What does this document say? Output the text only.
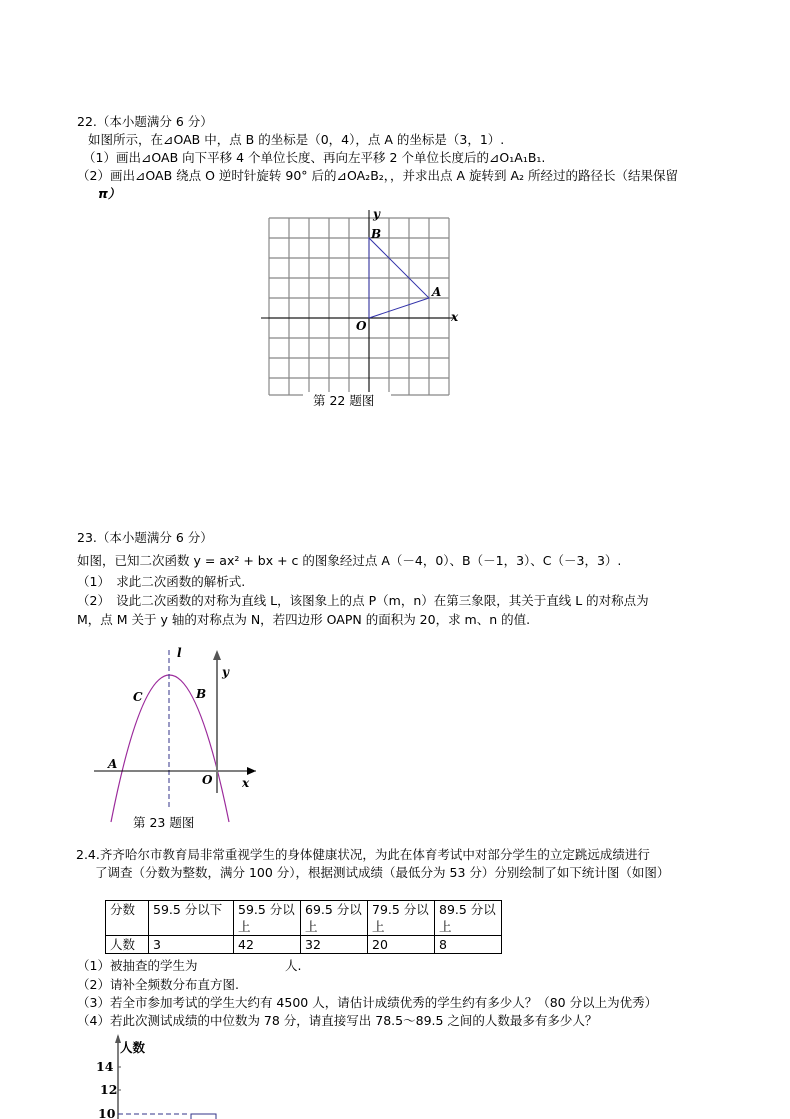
22.（本小题满分 6 分）
如图所示，在⊿OAB 中，点 B 的坐标是（0，4），点 A 的坐标是（3，1）.
（1）画出⊿OAB 向下平移 4 个单位长度、再向左平移 2 个单位长度后的⊿O₁A₁B₁.
（2）画出⊿OAB 绕点 O 逆时针旋转 90° 后的⊿OA₂B₂，，并求出点 A 旋转到 A₂ 所经过的路径长（结果保留
π）
y
B
A
x
O
第 22 题图
23.（本小题满分 6 分）
如图，已知二次函数 y = ax² + bx + c 的图象经过点 A（－4，0）、B（－1，3）、C（－3，3）.
（1）　求此二次函数的解析式.
（2）　设此二次函数的对称为直线 L，该图象上的点 P（m，n）在第三象限，其关于直线 L 的对称点为
M，点 M 关于 y 轴的对称点为 N，若四边形 OAPN 的面积为 20，求 m、n 的值.
l
y
C	B
A
O x
第 23 题图
2.4.齐齐哈尔市教育局非常重视学生的身体健康状况，为此在体育考试中对部分学生的立定跳远成绩进行
了调查（分数为整数，满分 100 分），根据测试成绩（最低分为 53 分）分别绘制了如下统计图（如图）
分数	59.5 分以下	59.5 分以上	69.5 分以上	79.5 分以上	89.5 分以上
人数	3	42	32	20	8
（1）被抽查的学生为　　　　　　　人.
（2）请补全频数分布直方图.
（3）若全市参加考试的学生大约有 4500 人，请估计成绩优秀的学生约有多少人？（80 分以上为优秀）
（4）若此次测试成绩的中位数为 78 分，请直接写出 78.5～89.5 之间的人数最多有多少人？
人数
14
12
10
